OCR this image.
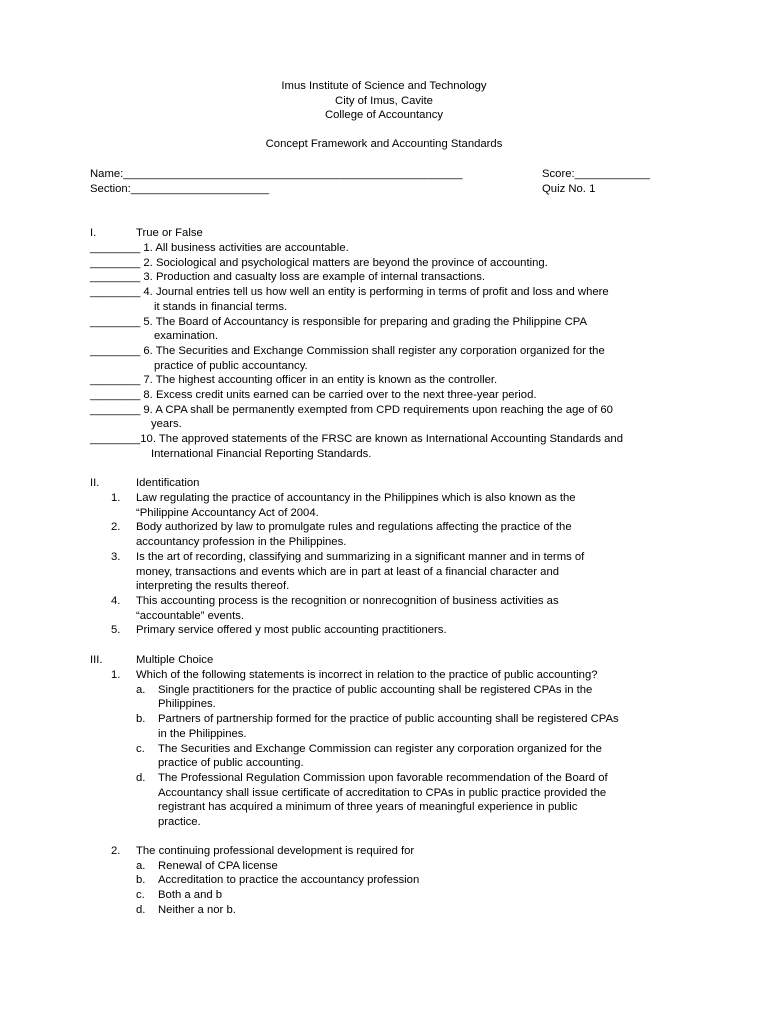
Imus Institute of Science and Technology
City of Imus, Cavite
College of Accountancy
Concept Framework and Accounting Standards
Name:______________________________________________________	Score:____________
Section:______________________	Quiz No. 1
I.	True or False
________ 1. All business activities are accountable.
________ 2. Sociological and psychological matters are beyond the province of accounting.
________ 3. Production and casualty loss are example of internal transactions.
________ 4. Journal entries tell us how well an entity is performing in terms of profit and loss and where
it stands in financial terms.
________ 5. The Board of Accountancy is responsible for preparing and grading the Philippine CPA
examination.
________ 6. The Securities and Exchange Commission shall register any corporation organized for the
practice of public accountancy.
________ 7. The highest accounting officer in an entity is known as the controller.
________ 8. Excess credit units earned can be carried over to the next three-year period.
________ 9. A CPA shall be permanently exempted from CPD requirements upon reaching the age of 60
years.
________10. The approved statements of the FRSC are known as International Accounting Standards and
International Financial Reporting Standards.
II.	Identification
1. Law regulating the practice of accountancy in the Philippines which is also known as the
“Philippine Accountancy Act of 2004.
2. Body authorized by law to promulgate rules and regulations affecting the practice of the
accountancy profession in the Philippines.
3. Is the art of recording, classifying and summarizing in a significant manner and in terms of
money, transactions and events which are in part at least of a financial character and
interpreting the results thereof.
4. This accounting process is the recognition or nonrecognition of business activities as
“accountable” events.
5. Primary service offered y most public accounting practitioners.
III.	Multiple Choice
1. Which of the following statements is incorrect in relation to the practice of public accounting?
a. Single practitioners for the practice of public accounting shall be registered CPAs in the
Philippines.
b. Partners of partnership formed for the practice of public accounting shall be registered CPAs
in the Philippines.
c. The Securities and Exchange Commission can register any corporation organized for the
practice of public accounting.
d. The Professional Regulation Commission upon favorable recommendation of the Board of
Accountancy shall issue certificate of accreditation to CPAs in public practice provided the
registrant has acquired a minimum of three years of meaningful experience in public
practice.
2. The continuing professional development is required for
a. Renewal of CPA license
b. Accreditation to practice the accountancy profession
c. Both a and b
d. Neither a nor b.
